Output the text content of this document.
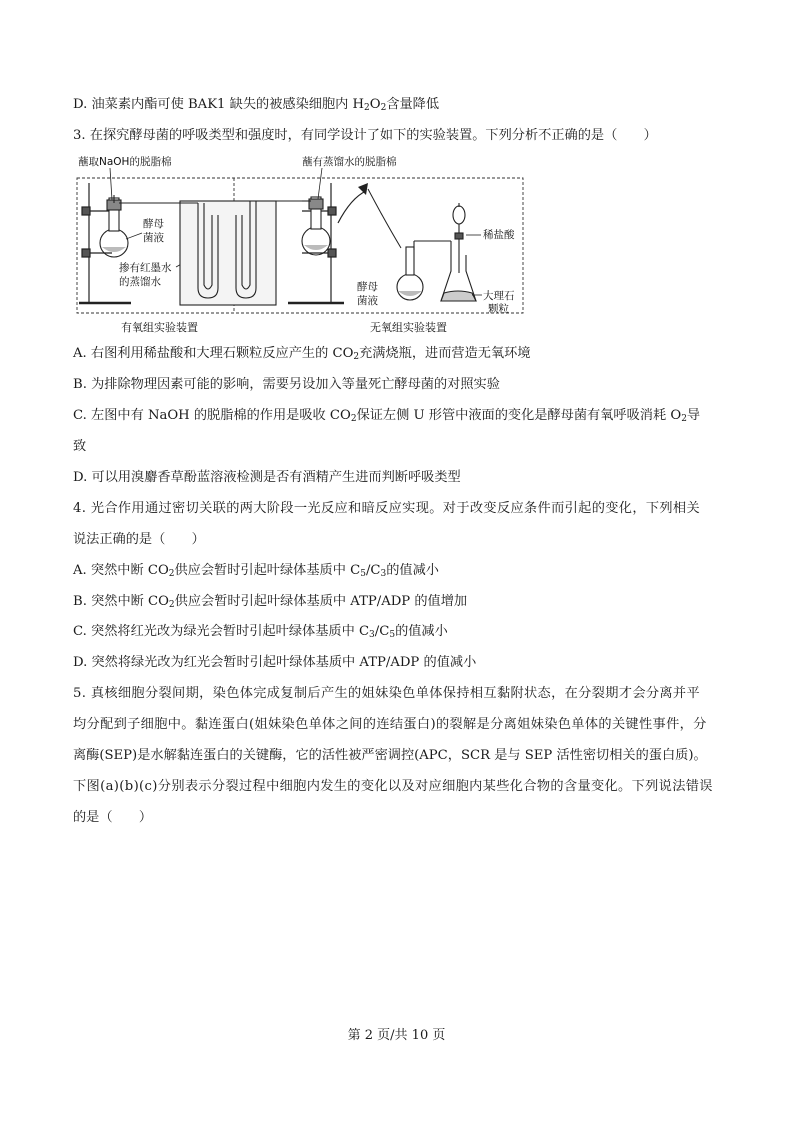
D. 油菜素内酯可使 BAK1 缺失的被感染细胞内 $H_2O_2$含量降低
3. 在探究酵母菌的呼吸类型和强度时，有同学设计了如下的实验装置。下列分析不正确的是（　　）
蘸取NaOH的脱脂棉
酵母
菌液
掺有红墨水
的蒸馏水
蘸有蒸馏水的脱脂棉
酵母
菌液
稀盐酸
大理石
颗粒
有氧组实验装置	无氧组实验装置
A. 右图利用稀盐酸和大理石颗粒反应产生的 $CO_2$充满烧瓶，进而营造无氧环境
B. 为排除物理因素可能的影响，需要另设加入等量死亡酵母菌的对照实验
C. 左图中有 NaOH 的脱脂棉的作用是吸收 $CO_2$保证左侧 U 形管中液面的变化是酵母菌有氧呼吸消耗 $O_2$导
致
D. 可以用溴麝香草酚蓝溶液检测是否有酒精产生进而判断呼吸类型
4. 光合作用通过密切关联的两大阶段一光反应和暗反应实现。对于改变反应条件而引起的变化，下列相关
说法正确的是（　　）
A. 突然中断 $CO_2$供应会暂时引起叶绿体基质中 $C_5/C_3$的值减小
B. 突然中断 $CO_2$供应会暂时引起叶绿体基质中 ATP/ADP 的值增加
C. 突然将红光改为绿光会暂时引起叶绿体基质中 $C_3/C_5$的值减小
D. 突然将绿光改为红光会暂时引起叶绿体基质中 ATP/ADP 的值减小
5. 真核细胞分裂间期，染色体完成复制后产生的姐妹染色单体保持相互黏附状态，在分裂期才会分离并平
均分配到子细胞中。黏连蛋白(姐妹染色单体之间的连结蛋白)的裂解是分离姐妹染色单体的关键性事件，分
离酶(SEP)是水解黏连蛋白的关键酶，它的活性被严密调控(APC，SCR 是与 SEP 活性密切相关的蛋白质)。
下图(a)(b)(c)分别表示分裂过程中细胞内发生的变化以及对应细胞内某些化合物的含量变化。下列说法错误
的是（　　）
第 2 页/共 10 页
